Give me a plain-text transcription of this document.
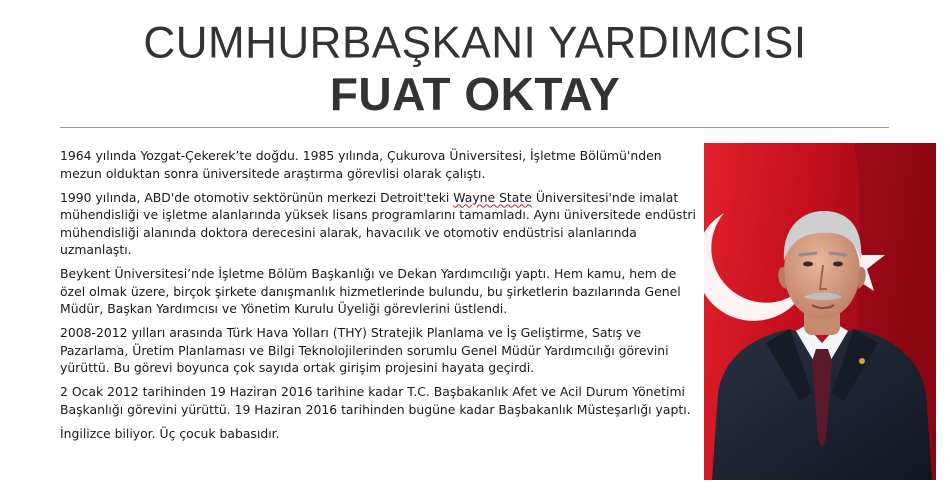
CUMHURBAŞKANI YARDIMCISI
FUAT OKTAY

1964 yılında Yozgat-Çekerek’te doğdu. 1985 yılında, Çukurova Üniversitesi, İşletme Bölümü'nden mezun olduktan sonra üniversitede araştırma görevlisi olarak çalıştı.

1990 yılında, ABD'de otomotiv sektörünün merkezi Detroit'teki Wayne State Üniversitesi'nde imalat mühendisliği ve işletme alanlarında yüksek lisans programlarını tamamladı. Aynı üniversitede endüstri mühendisliği alanında doktora derecesini alarak, havacılık ve otomotiv endüstrisi alanlarında uzmanlaştı.

Beykent Üniversitesi’nde İşletme Bölüm Başkanlığı ve Dekan Yardımcılığı yaptı. Hem kamu, hem de özel olmak üzere, birçok şirkete danışmanlık hizmetlerinde bulundu, bu şirketlerin bazılarında Genel Müdür, Başkan Yardımcısı ve Yönetim Kurulu Üyeliği görevlerini üstlendi.

2008-2012 yılları arasında Türk Hava Yolları (THY) Stratejik Planlama ve İş Geliştirme, Satış ve Pazarlama, Üretim Planlaması ve Bilgi Teknolojilerinden sorumlu Genel Müdür Yardımcılığı görevini yürüttü. Bu görevi boyunca çok sayıda ortak girişim projesini hayata geçirdi.

2 Ocak 2012 tarihinden 19 Haziran 2016 tarihine kadar T.C. Başbakanlık Afet ve Acil Durum Yönetimi Başkanlığı görevini yürüttü. 19 Haziran 2016 tarihinden bugüne kadar Başbakanlık Müsteşarlığı yaptı.

İngilizce biliyor. Üç çocuk babasıdır.
